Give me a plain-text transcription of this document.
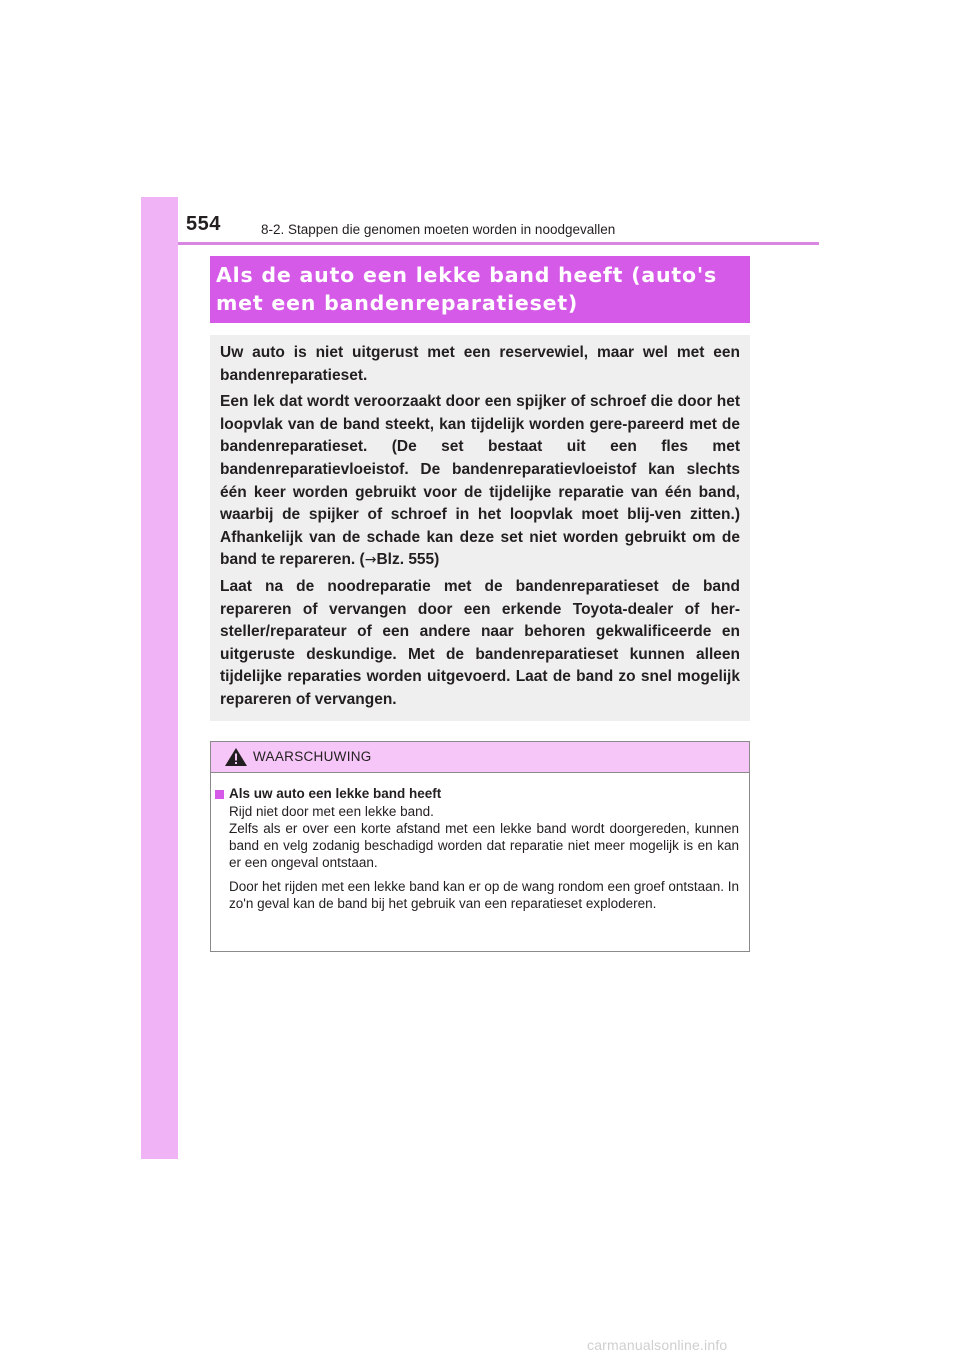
554	8-2. Stappen die genomen moeten worden in noodgevallen
Als de auto een lekke band heeft (auto's
met een bandenreparatieset)

Uw auto is niet uitgerust met een reservewiel, maar wel met een bandenreparatieset.

Een lek dat wordt veroorzaakt door een spijker of schroef die door het loopvlak van de band steekt, kan tijdelijk worden gere-pareerd met de bandenreparatieset. (De set bestaat uit een fles met bandenreparatievloeistof. De bandenreparatievloeistof kan slechts één keer worden gebruikt voor de tijdelijke reparatie van één band, waarbij de spijker of schroef in het loopvlak moet blij-ven zitten.) Afhankelijk van de schade kan deze set niet worden gebruikt om de band te repareren. (→Blz. 555)

Laat na de noodreparatie met de bandenreparatieset de band repareren of vervangen door een erkende Toyota-dealer of her-steller/reparateur of een andere naar behoren gekwalificeerde en uitgeruste deskundige. Met de bandenreparatieset kunnen alleen tijdelijke reparaties worden uitgevoerd. Laat de band zo snel mogelijk repareren of vervangen.

WAARSCHUWING
Als uw auto een lekke band heeft
Rijd niet door met een lekke band.

Zelfs als er over een korte afstand met een lekke band wordt doorgereden, kunnen band en velg zodanig beschadigd worden dat reparatie niet meer mogelijk is en kan er een ongeval ontstaan.

Door het rijden met een lekke band kan er op de wang rondom een groef ontstaan. In zo'n geval kan de band bij het gebruik van een reparatieset exploderen.

carmanualsonline.info
